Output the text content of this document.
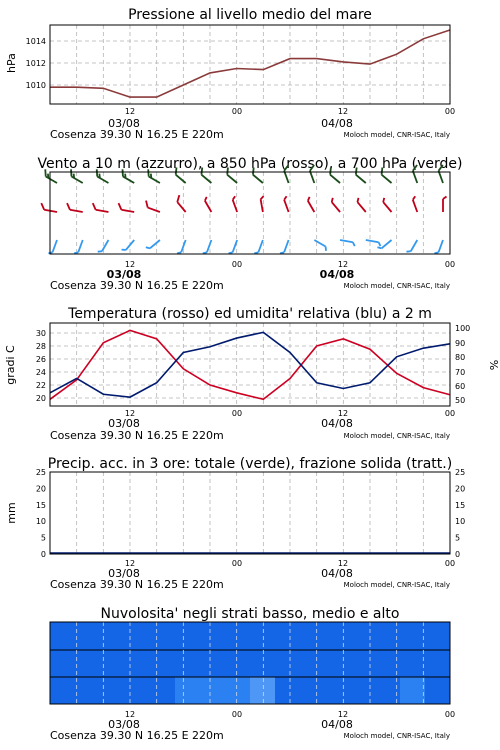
Pressione al livello medio del mare
hPa
1010
1012
1014
12	00	12	00
03/08	04/08
Cosenza 39.30 N 16.25 E 220m	Moloch model, CNR-ISAC, Italy
Vento a 10 m (azzurro), a 850 hPa (rosso), a 700 hPa (verde)
12	00	12	00
03/08	04/08
Cosenza 39.30 N 16.25 E 220m	Moloch model, CNR-ISAC, Italy
Temperatura (rosso) ed umidita' relativa (blu) a 2 m
gradi C	%
20
22
24
26
28
30
50
60
70
80
90
100
12	00	12	00
03/08	04/08
Cosenza 39.30 N 16.25 E 220m	Moloch model, CNR-ISAC, Italy
Precip. acc. in 3 ore: totale (verde), frazione solida (tratt.)
mm
0	0
5	5
10	10
15	15
20	20
25	25
12	00	12	00
03/08	04/08
Cosenza 39.30 N 16.25 E 220m	Moloch model, CNR-ISAC, Italy
Nuvolosita' negli strati basso, medio e alto
12	00	12	00
03/08	04/08
Cosenza 39.30 N 16.25 E 220m	Moloch model, CNR-ISAC, Italy
